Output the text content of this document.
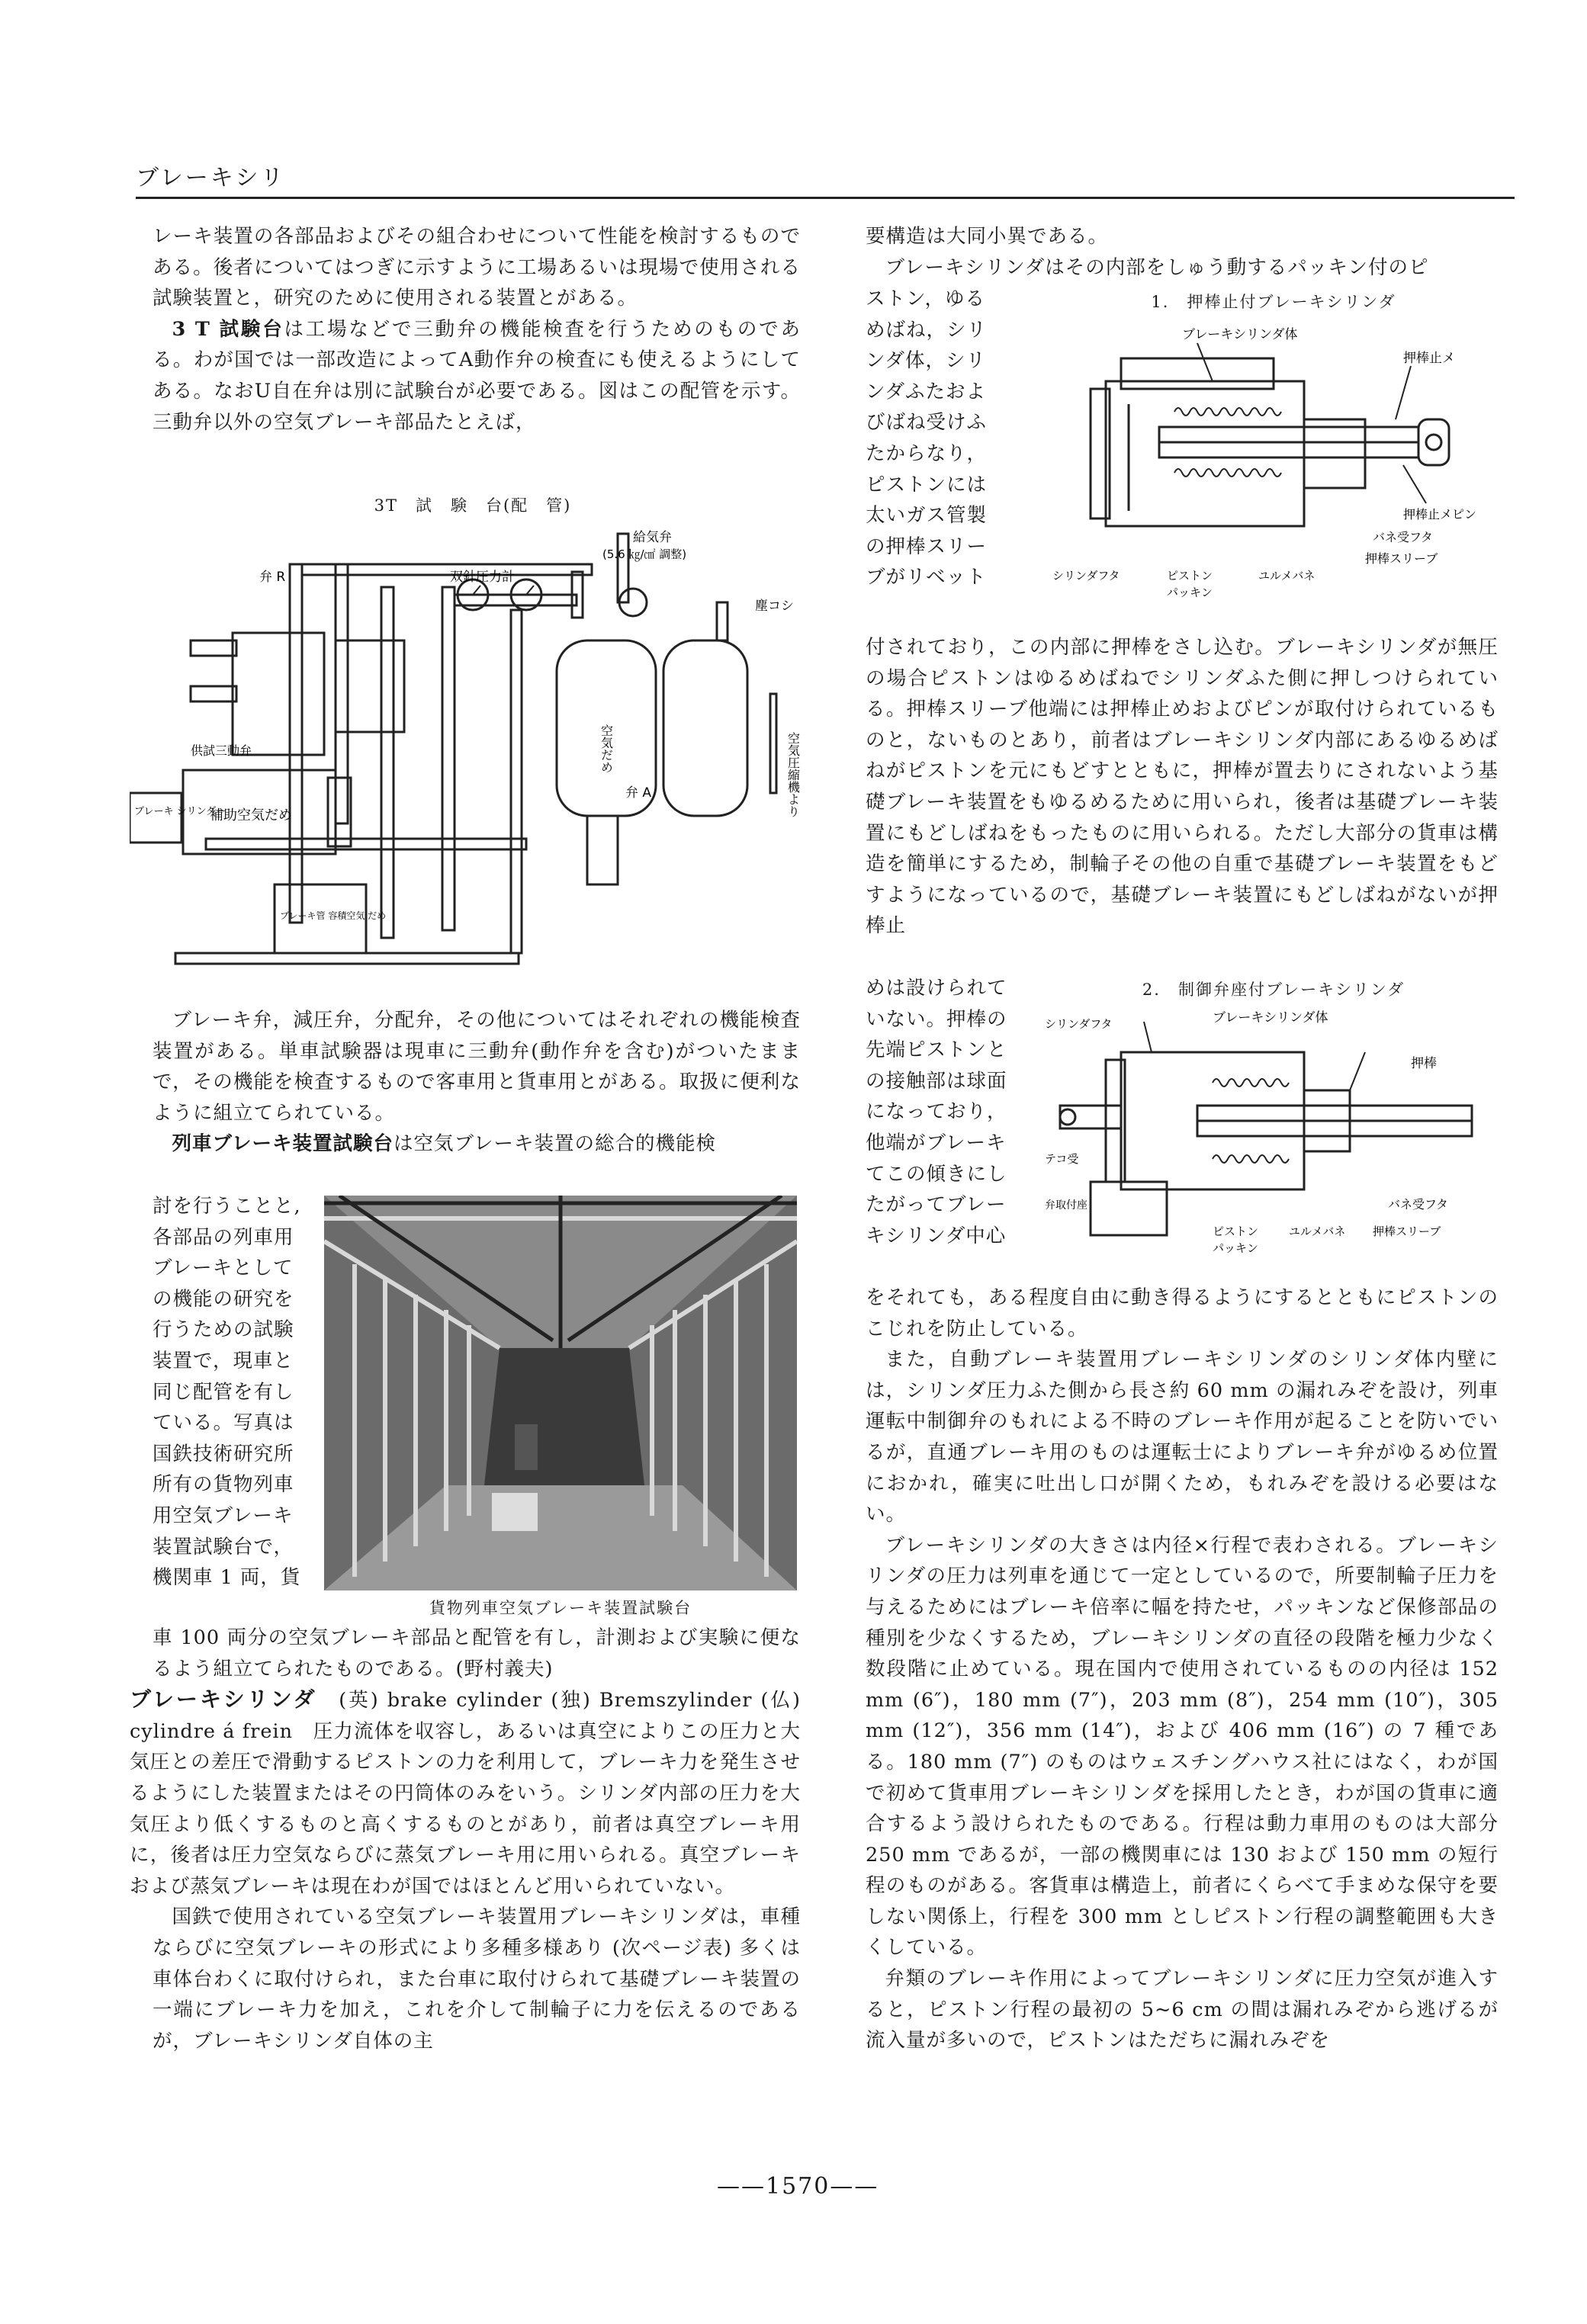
ブレーキシリ

レーキ装置の各部品およびその組合わせについて性能を検討するものである。後者についてはつぎに示すように工場あるいは現場で使用される試験装置と，研究のために使用される装置とがある。

3 T 試験台は工場などで三動弁の機能検査を行うためのものである。わが国では一部改造によってA動作弁の検査にも使えるようにしてある。なおU自在弁は別に試験台が必要である。図はこの配管を示す。三動弁以外の空気ブレーキ部品たとえば，

3T　試　験　台(配　管)
給気弁
(5.6 ㎏/㎠ 調整)
弁 R	双針圧力計
塵コシ
空気だめ	空気圧縮機より
供試三動弁
弁 A
ブレーキ シリンダー
補助空気だめ
ブレーキ管 容積空気 だめ

ブレーキ弁，減圧弁，分配弁，その他についてはそれぞれの機能検査装置がある。単車試験器は現車に三動弁(動作弁を含む)がついたままで，その機能を検査するもので客車用と貨車用とがある。取扱に便利なように組立てられている。

列車ブレーキ装置試験台は空気ブレーキ装置の総合的機能検

討を行うことと,
各部品の列車用
ブレーキとして
の機能の研究を
行うための試験
装置で，現車と
同じ配管を有し
ている。写真は
国鉄技術研究所
所有の貨物列車
用空気ブレーキ
装置試験台で，
機関車 1 両，貨
貨物列車空気ブレーキ装置試験台

車 100 両分の空気ブレーキ部品と配管を有し，計測および実験に便なるよう組立てられたものである。(野村義夫)

ブレーキシリンダ　 (英) brake cylinder (独) Bremszylinder (仏) cylindre á frein　圧力流体を収容し，あるいは真空によりこの圧力と大気圧との差圧で滑動するピストンの力を利用して，ブレーキ力を発生させるようにした装置またはその円筒体のみをいう。シリンダ内部の圧力を大気圧より低くするものと高くするものとがあり，前者は真空ブレーキ用に，後者は圧力空気ならびに蒸気ブレーキ用に用いられる。真空ブレーキおよび蒸気ブレーキは現在わが国ではほとんど用いられていない。

国鉄で使用されている空気ブレーキ装置用ブレーキシリンダは，車種ならびに空気ブレーキの形式により多種多様あり (次ページ表) 多くは車体台わくに取付けられ，また台車に取付けられて基礎ブレーキ装置の一端にブレーキ力を加え，これを介して制輪子に力を伝えるのであるが，ブレーキシリンダ自体の主

要構造は大同小異である。

ブレーキシリンダはその内部をしゅう動するパッキン付のピ

ストン，ゆる
めばね，シリ
ンダ体，シリ
ンダふたおよ
びばね受けふ
たからなり，
ピストンには
太いガス管製
の押棒スリー
ブがリベット
1.　押棒止付ブレーキシリンダ
ブレーキシリンダ体
押棒止メ
押棒止メピン
バネ受フタ
押棒スリーブ
シリンダフタ	ピストン
パッキン
ユルメバネ

付されており，この内部に押棒をさし込む。ブレーキシリンダが無圧の場合ピストンはゆるめばねでシリンダふた側に押しつけられている。押棒スリーブ他端には押棒止めおよびピンが取付けられているものと，ないものとあり，前者はブレーキシリンダ内部にあるゆるめばねがピストンを元にもどすとともに，押棒が置去りにされないよう基礎ブレーキ装置をもゆるめるために用いられ，後者は基礎ブレーキ装置にもどしばねをもったものに用いられる。ただし大部分の貨車は構造を簡単にするため，制輪子その他の自重で基礎ブレーキ装置をもどすようになっているので，基礎ブレーキ装置にもどしばねがないが押棒止

めは設けられて
いない。押棒の
先端ピストンと
の接触部は球面
になっており，
他端がブレーキ
てこの傾きにし
たがってブレー
キシリンダ中心
2.　制御弁座付ブレーキシリンダ
シリンダフタ	ブレーキシリンダ体
押棒
テコ受
弁取付座	バネ受フタ
ピストン
パッキン
ユルメバネ 押棒スリーブ

をそれても，ある程度自由に動き得るようにするとともにピストンのこじれを防止している。

また，自動ブレーキ装置用ブレーキシリンダのシリンダ体内壁には，シリンダ圧力ふた側から長さ約 60 mm の漏れみぞを設け，列車運転中制御弁のもれによる不時のブレーキ作用が起ることを防いでいるが，直通ブレーキ用のものは運転士によりブレーキ弁がゆるめ位置におかれ，確実に吐出し口が開くため，もれみぞを設ける必要はない。

ブレーキシリンダの大きさは内径×行程で表わされる。ブレーキシリンダの圧力は列車を通じて一定としているので，所要制輪子圧力を与えるためにはブレーキ倍率に幅を持たせ，パッキンなど保修部品の種別を少なくするため，ブレーキシリンダの直径の段階を極力少なく数段階に止めている。現在国内で使用されているものの内径は 152 mm (6″)，180 mm (7″)，203 mm (8″)，254 mm (10″)，305 mm (12″)，356 mm (14″)，および 406 mm (16″) の 7 種である。180 mm (7″) のものはウェスチングハウス社にはなく，わが国で初めて貨車用ブレーキシリンダを採用したとき，わが国の貨車に適合するよう設けられたものである。行程は動力車用のものは大部分 250 mm であるが，一部の機関車には 130 および 150 mm の短行程のものがある。客貨車は構造上，前者にくらべて手まめな保守を要しない関係上，行程を 300 mm としピストン行程の調整範囲も大きくしている。

弁類のブレーキ作用によってブレーキシリンダに圧力空気が進入すると，ピストン行程の最初の 5~6 cm の間は漏れみぞから逃げるが流入量が多いので，ピストンはただちに漏れみぞを

——1570——
